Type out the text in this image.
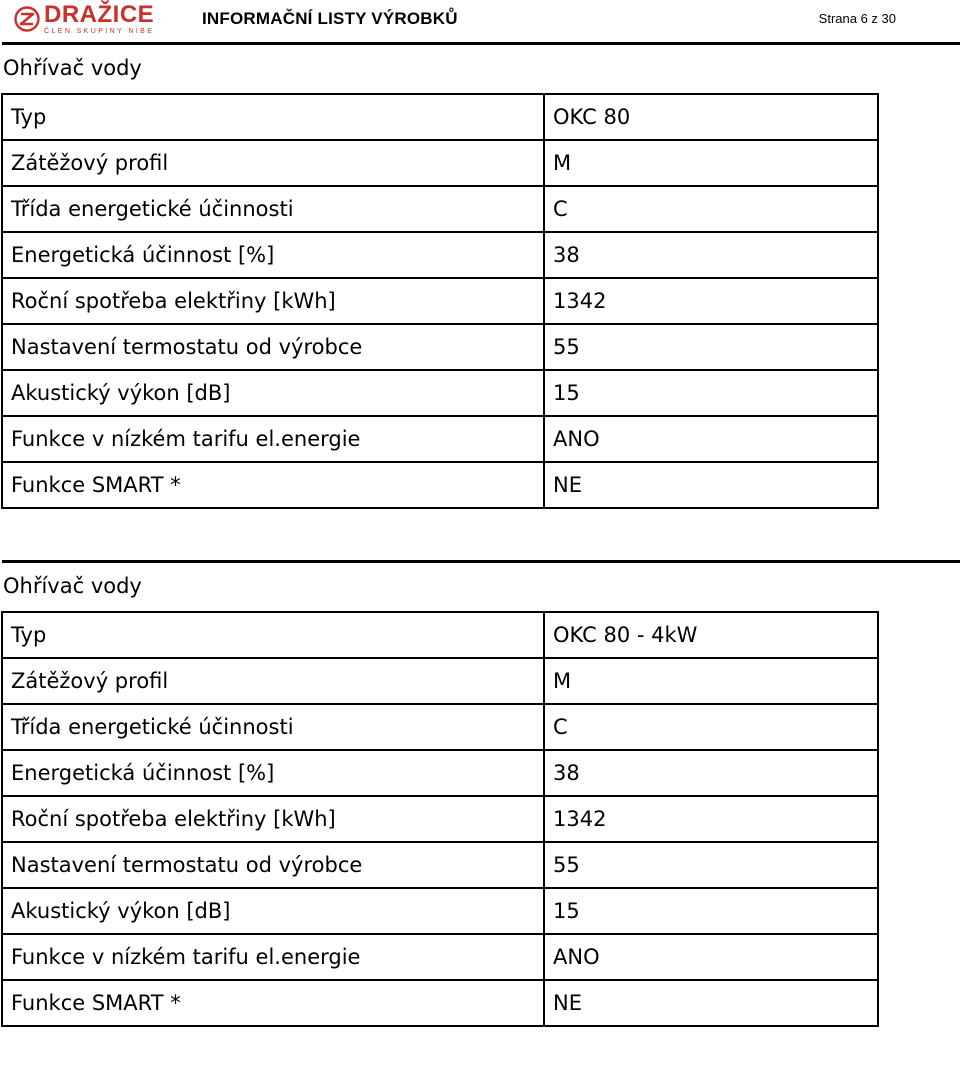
DRAŽICE
ČLEN SKUPINY NIBE
INFORMAČNÍ LISTY VÝROBKŮ	Strana 6 z 30
Ohřívač vody
Typ	OKC 80
Zátěžový profil	M
Třída energetické účinnosti	C
Energetická účinnost [%]	38
Roční spotřeba elektřiny [kWh]	1342
Nastavení termostatu od výrobce	55
Akustický výkon [dB]	15
Funkce v nízkém tarifu el.energie	ANO
Funkce SMART *	NE
Ohřívač vody
Typ	OKC 80 - 4kW
Zátěžový profil	M
Třída energetické účinnosti	C
Energetická účinnost [%]	38
Roční spotřeba elektřiny [kWh]	1342
Nastavení termostatu od výrobce	55
Akustický výkon [dB]	15
Funkce v nízkém tarifu el.energie	ANO
Funkce SMART *	NE
